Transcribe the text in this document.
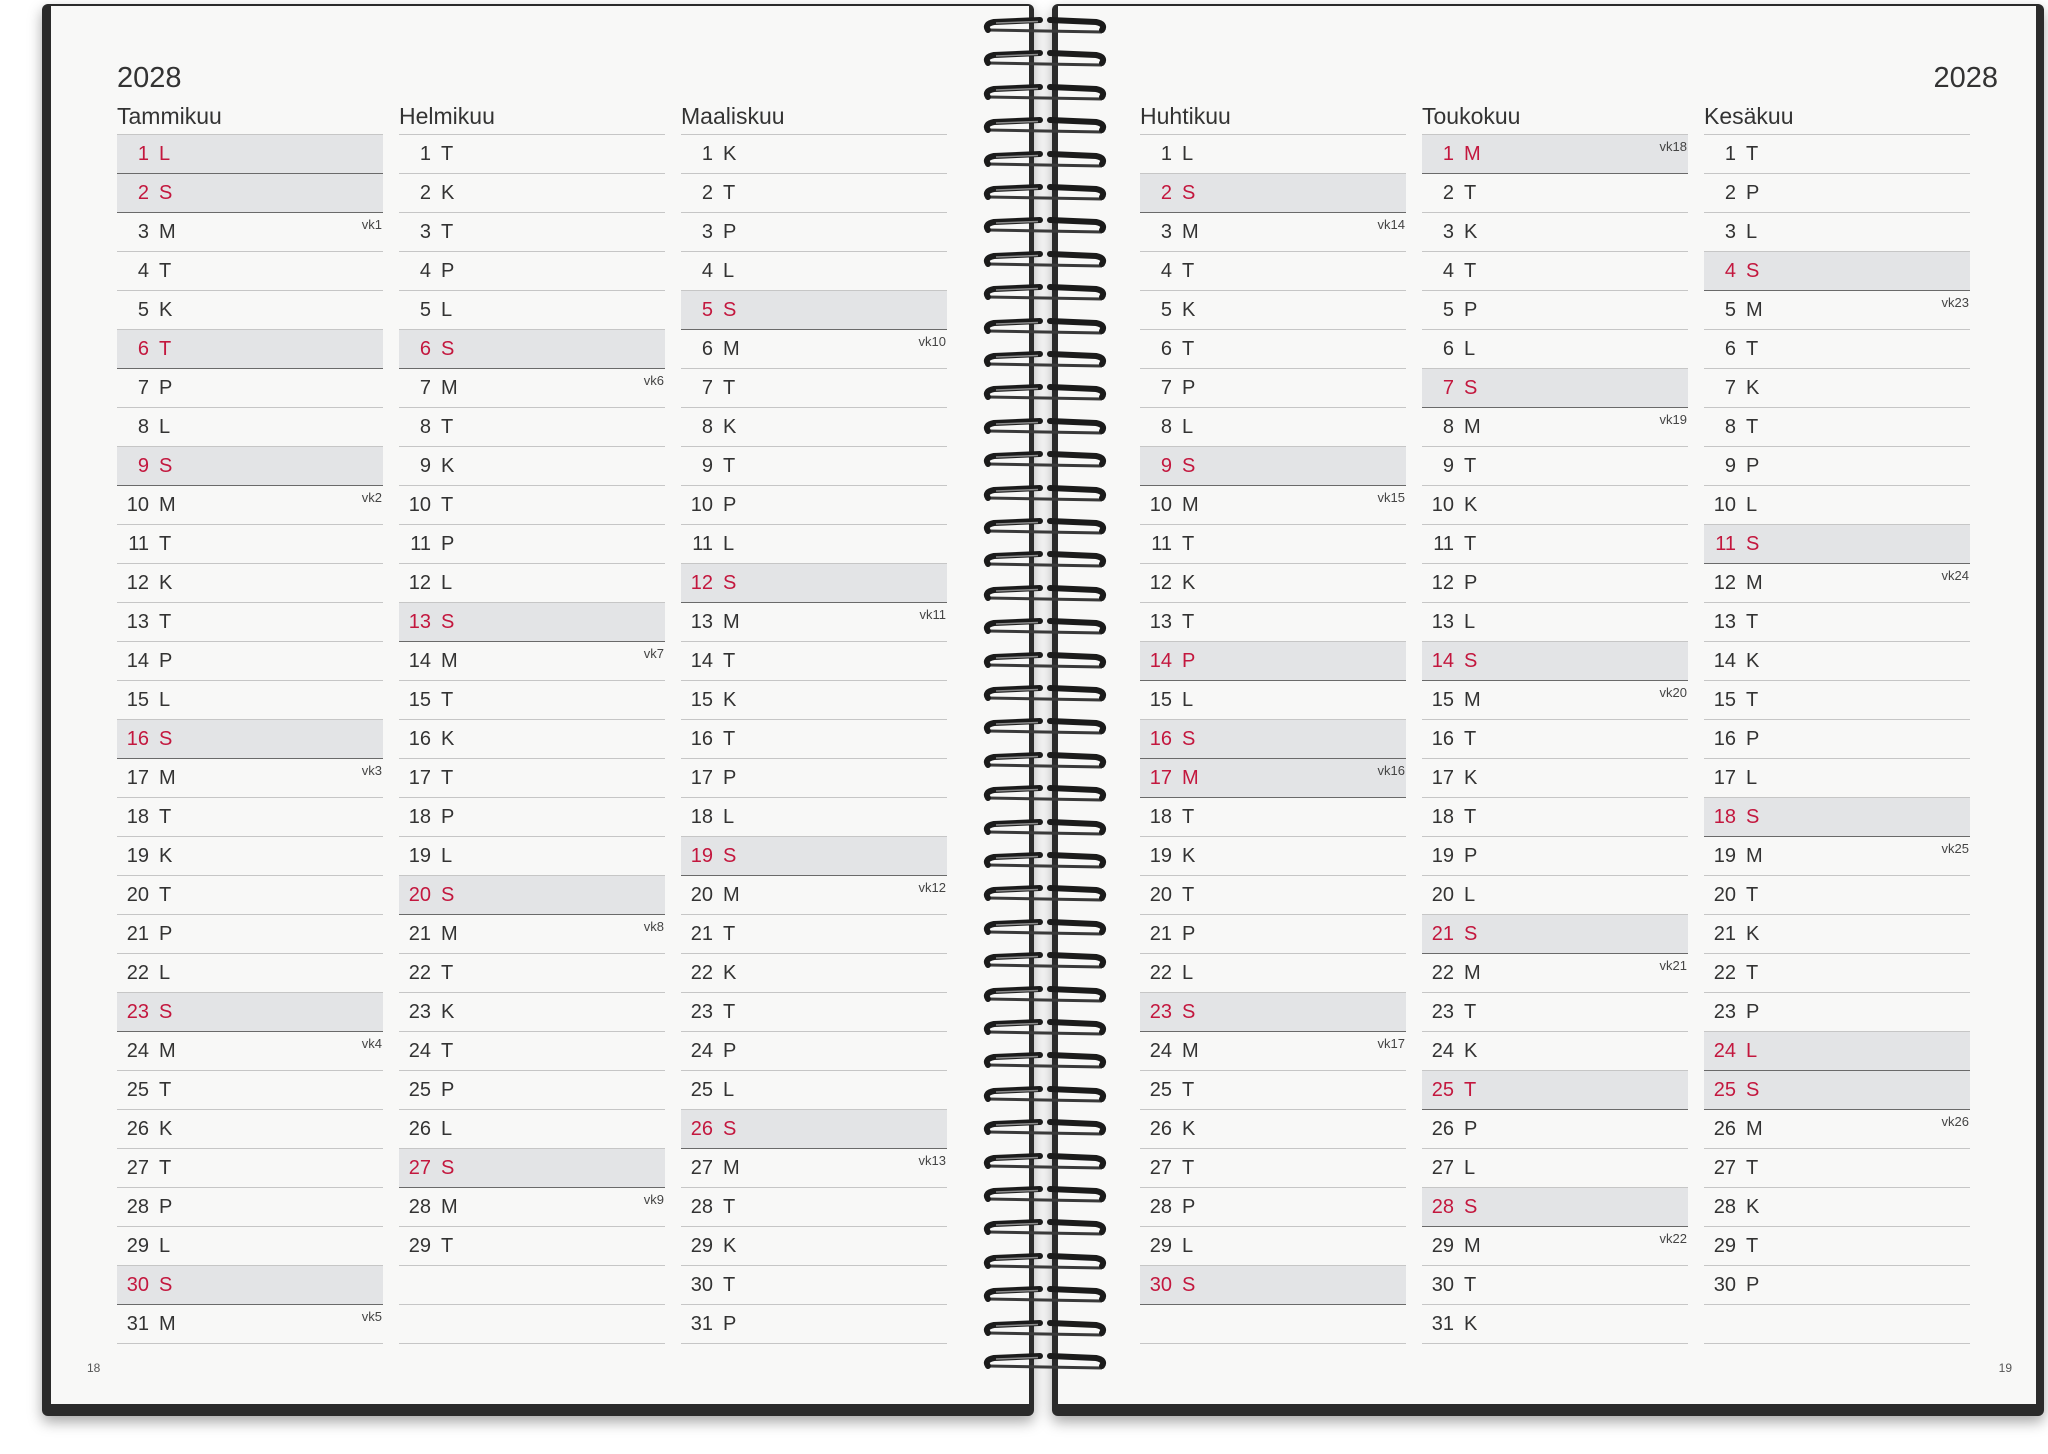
2028
Tammikuu
1 L
2 S
3 M	vk1
4 T
5 K
6 T
7 P
8 L
9 S
10 M	vk2
11 T
12 K
13 T
14 P
15 L
16 S
17 M	vk3
18 T
19 K
20 T
21 P
22 L
23 S
24 M	vk4
25 T
26 K
27 T
28 P
29 L
30 S
31 M	vk5
Helmikuu
1 T
2 K
3 T
4 P
5 L
6 S
7 M	vk6
8 T
9 K
10 T
11 P
12 L
13 S
14 M	vk7
15 T
16 K
17 T
18 P
19 L
20 S
21 M	vk8
22 T
23 K
24 T
25 P
26 L
27 S
28 M	vk9
29 T
Maaliskuu
1 K
2 T
3 P
4 L
5 S
6 M	vk10
7 T
8 K
9 T
10 P
11 L
12 S
13 M	vk11
14 T
15 K
16 T
17 P
18 L
19 S
20 M	vk12
21 T
22 K
23 T
24 P
25 L
26 S
27 M	vk13
28 T
29 K
30 T
31 P
18
2028
Huhtikuu
1 L
2 S
3 M	vk14
4 T
5 K
6 T
7 P
8 L
9 S
10 M	vk15
11 T
12 K
13 T
14 P
15 L
16 S
17 M	vk16
18 T
19 K
20 T
21 P
22 L
23 S
24 M	vk17
25 T
26 K
27 T
28 P
29 L
30 S
Toukokuu
1 M	vk18
2 T
3 K
4 T
5 P
6 L
7 S
8 M	vk19
9 T
10 K
11 T
12 P
13 L
14 S
15 M	vk20
16 T
17 K
18 T
19 P
20 L
21 S
22 M	vk21
23 T
24 K
25 T
26 P
27 L
28 S
29 M	vk22
30 T
31 K
Kesäkuu
1 T
2 P
3 L
4 S
5 M	vk23
6 T
7 K
8 T
9 P
10 L
11 S
12 M	vk24
13 T
14 K
15 T
16 P
17 L
18 S
19 M	vk25
20 T
21 K
22 T
23 P
24 L
25 S
26 M	vk26
27 T
28 K
29 T
30 P
19
